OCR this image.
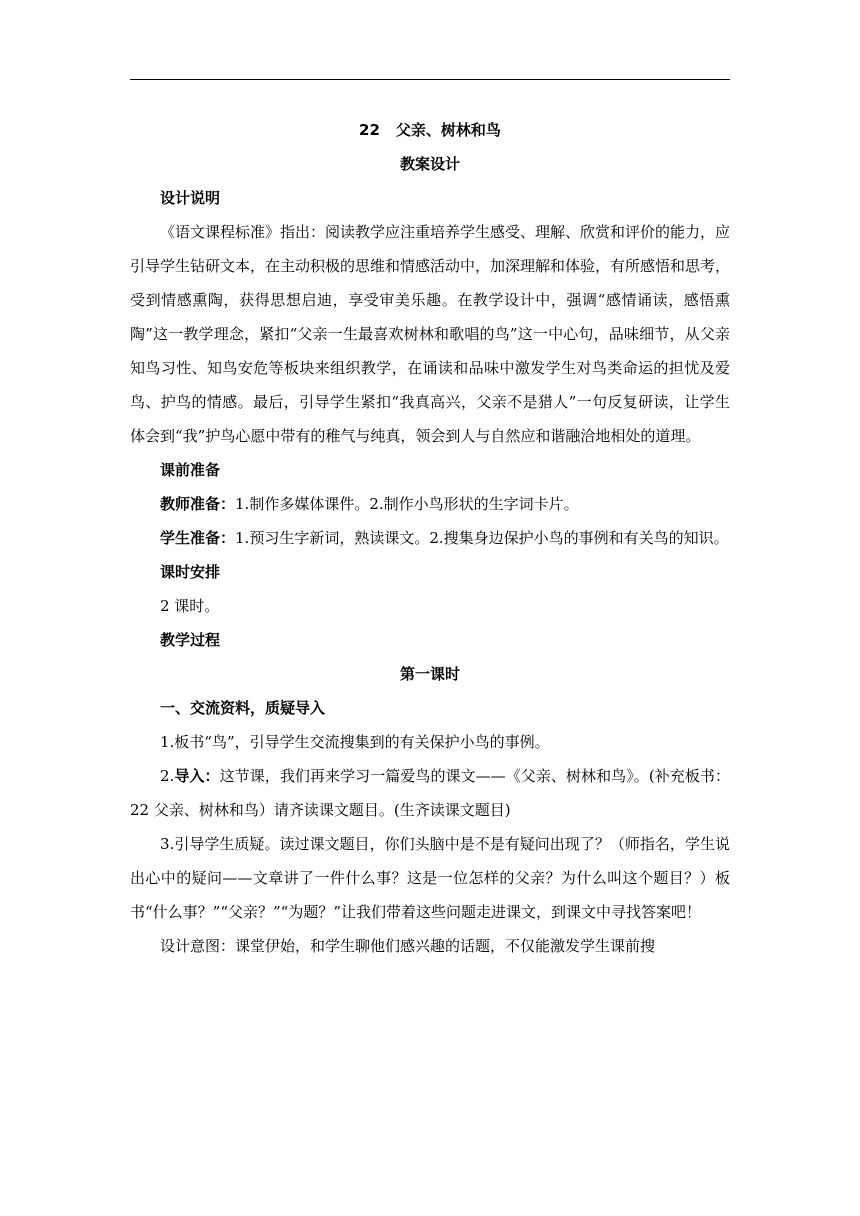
22 父亲、树林和鸟
教案设计
设计说明

《语文课程标准》指出：阅读教学应注重培养学生感受、理解、欣赏和评价的能力，应引导学生钻研文本，在主动积极的思维和情感活动中，加深理解和体验，有所感悟和思考，受到情感熏陶，获得思想启迪，享受审美乐趣。在教学设计中，强调“感情诵读，感悟熏陶”这一教学理念，紧扣“父亲一生最喜欢树林和歌唱的鸟”这一中心句，品味细节，从父亲知鸟习性、知鸟安危等板块来组织教学，在诵读和品味中激发学生对鸟类命运的担忧及爱鸟、护鸟的情感。最后，引导学生紧扣“我真高兴，父亲不是猎人”一句反复研读，让学生体会到“我”护鸟心愿中带有的稚气与纯真，领会到人与自然应和谐融洽地相处的道理。

课前准备

教师准备：1.制作多媒体课件。2.制作小鸟形状的生字词卡片。

学生准备：1.预习生字新词，熟读课文。2.搜集身边保护小鸟的事例和有关鸟的知识。

课时安排

2 课时。

教学过程
第一课时
一、交流资料，质疑导入

1.板书“鸟”，引导学生交流搜集到的有关保护小鸟的事例。

2.导入：这节课，我们再来学习一篇爱鸟的课文——《父亲、树林和鸟》。(补充板书：22 父亲、树林和鸟）请齐读课文题目。(生齐读课文题目)

3.引导学生质疑。读过课文题目，你们头脑中是不是有疑问出现了？（师指名，学生说出心中的疑问——文章讲了一件什么事？这是一位怎样的父亲？为什么叫这个题目？）板书“什么事？”“父亲？”“为题？”让我们带着这些问题走进课文，到课文中寻找答案吧！

设计意图：课堂伊始，和学生聊他们感兴趣的话题，不仅能激发学生课前搜
